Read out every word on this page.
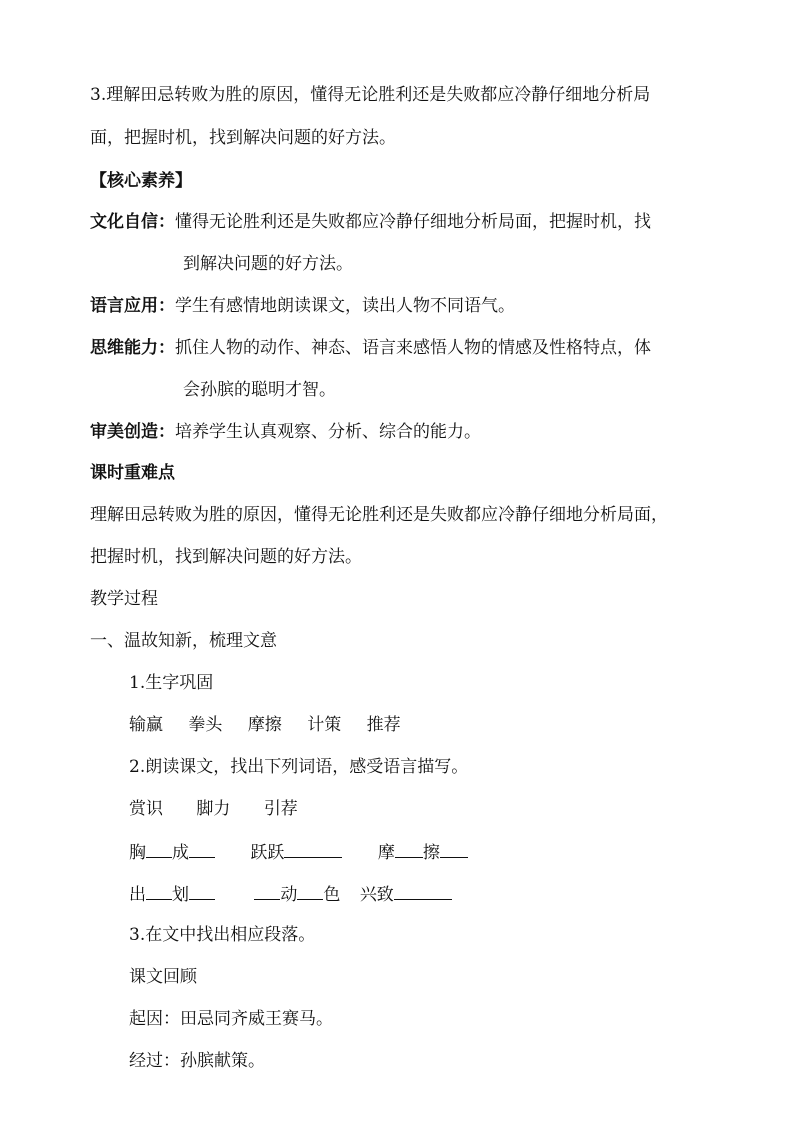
3.理解田忌转败为胜的原因，懂得无论胜利还是失败都应冷静仔细地分析局

面，把握时机，找到解决问题的好方法。

【核心素养】

文化自信：懂得无论胜利还是失败都应冷静仔细地分析局面，把握时机，找

到解决问题的好方法。

语言应用：学生有感情地朗读课文，读出人物不同语气。

思维能力：抓住人物的动作、神态、语言来感悟人物的情感及性格特点，体

会孙膑的聪明才智。

审美创造：培养学生认真观察、分析、综合的能力。

课时重难点

理解田忌转败为胜的原因，懂得无论胜利还是失败都应冷静仔细地分析局面，

把握时机，找到解决问题的好方法。

教学过程

一、温故知新，梳理文意

1.生字巩固

输赢 拳头 摩擦 计策 推荐

2.朗读课文，找出下列词语，感受语言描写。

赏识 脚力 引荐

胸 成	跃跃	摩 擦

出 划	动 色 兴致

3.在文中找出相应段落。

课文回顾

起因：田忌同齐威王赛马。

经过：孙膑献策。
